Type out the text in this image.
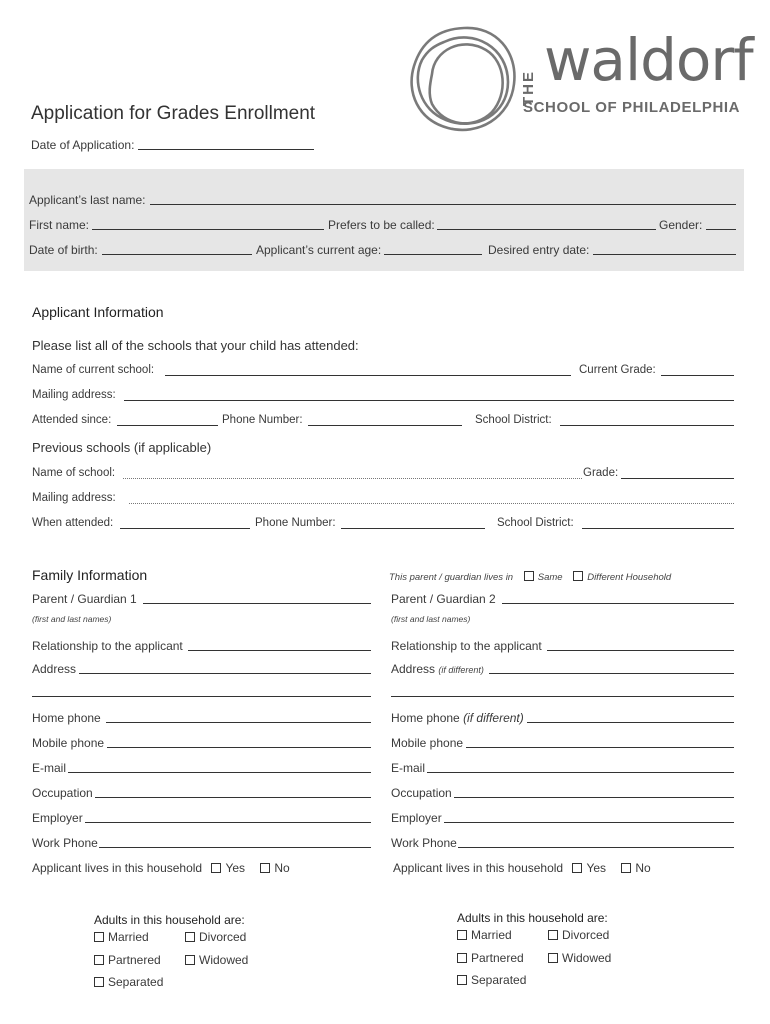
THE waldorf
SCHOOL OF PHILADELPHIA
Application for Grades Enrollment
Date of Application:
Applicant’s last name:
First name:	Prefers to be called:	Gender:
Date of birth:	Applicant’s current age:	Desired entry date:
Applicant Information
Please list all of the schools that your child has attended:
Name of current school:	Current Grade:
Mailing address:
Attended since:	Phone Number:	School District:
Previous schools (if applicable)
Name of school:	Grade:
Mailing address:
When attended:	Phone Number:	School District:
Family Information	This parent / guardian lives in	Same	Different Household
Parent / Guardian 1
(first and last names)
Relationship to the applicant
Address
Home phone
Mobile phone
E-mail
Occupation
Employer
Work Phone
Applicant lives in this household Yes No
Parent / Guardian 2
(first and last names)
Relationship to the applicant
Address (if different)
Home phone (if different)
Mobile phone
E-mail
Occupation
Employer
Work Phone
Applicant lives in this household Yes No
Adults in this household are:
Married	Divorced
Partnered	Widowed
Separated
Adults in this household are:
Married	Divorced
Partnered	Widowed
Separated
